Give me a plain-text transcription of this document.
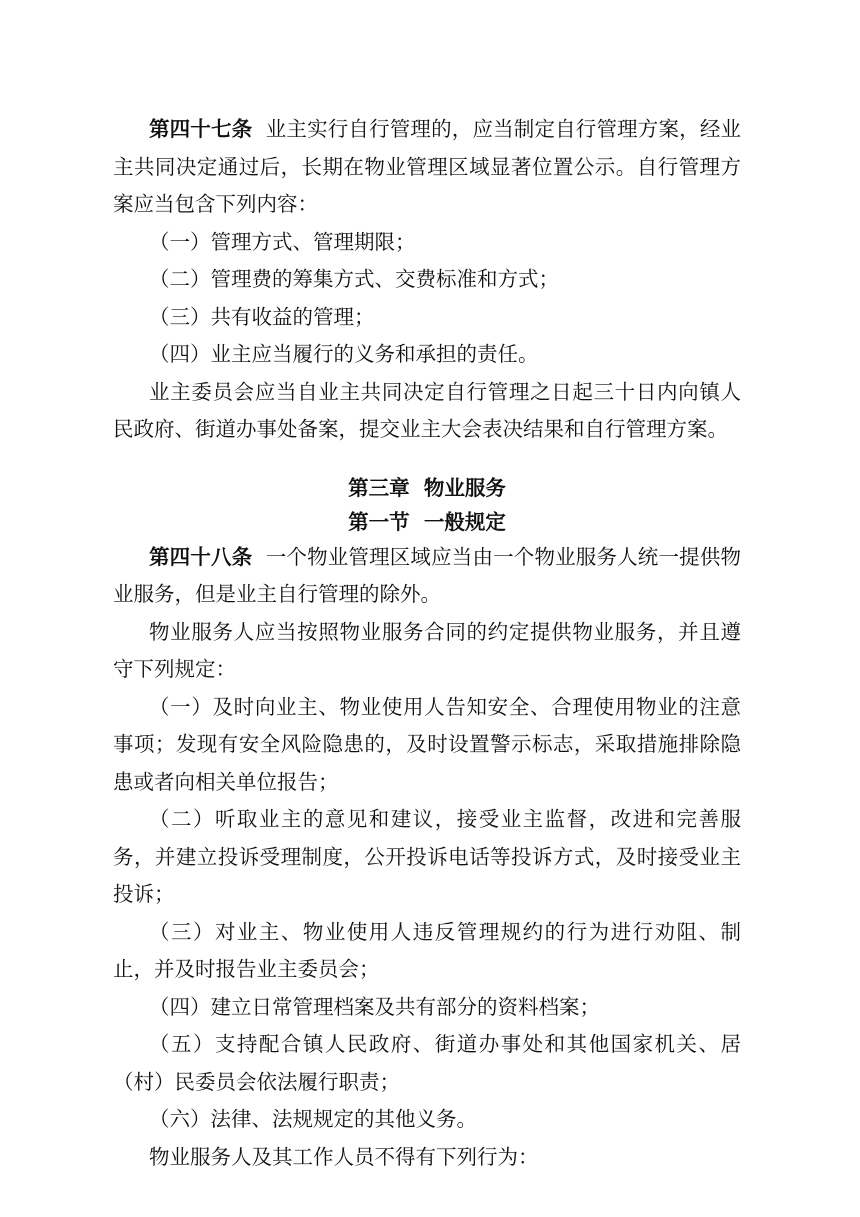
第四十七条 业主实行自行管理的，应当制定自行管理方案，经业主共同决定通过后，长期在物业管理区域显著位置公示。自行管理方案应当包含下列内容：

（一）管理方式、管理期限；

（二）管理费的筹集方式、交费标准和方式；

（三）共有收益的管理；

（四）业主应当履行的义务和承担的责任。

业主委员会应当自业主共同决定自行管理之日起三十日内向镇人民政府、街道办事处备案，提交业主大会表决结果和自行管理方案。

第三章  物业服务

第一节  一般规定

第四十八条 一个物业管理区域应当由一个物业服务人统一提供物业服务，但是业主自行管理的除外。

物业服务人应当按照物业服务合同的约定提供物业服务，并且遵守下列规定：

（一）及时向业主、物业使用人告知安全、合理使用物业的注意事项；发现有安全风险隐患的，及时设置警示标志，采取措施排除隐患或者向相关单位报告；

（二）听取业主的意见和建议，接受业主监督，改进和完善服务，并建立投诉受理制度，公开投诉电话等投诉方式，及时接受业主投诉；

（三）对业主、物业使用人违反管理规约的行为进行劝阻、制止，并及时报告业主委员会；

（四）建立日常管理档案及共有部分的资料档案；

（五）支持配合镇人民政府、街道办事处和其他国家机关、居（村）民委员会依法履行职责；

（六）法律、法规规定的其他义务。

物业服务人及其工作人员不得有下列行为：
